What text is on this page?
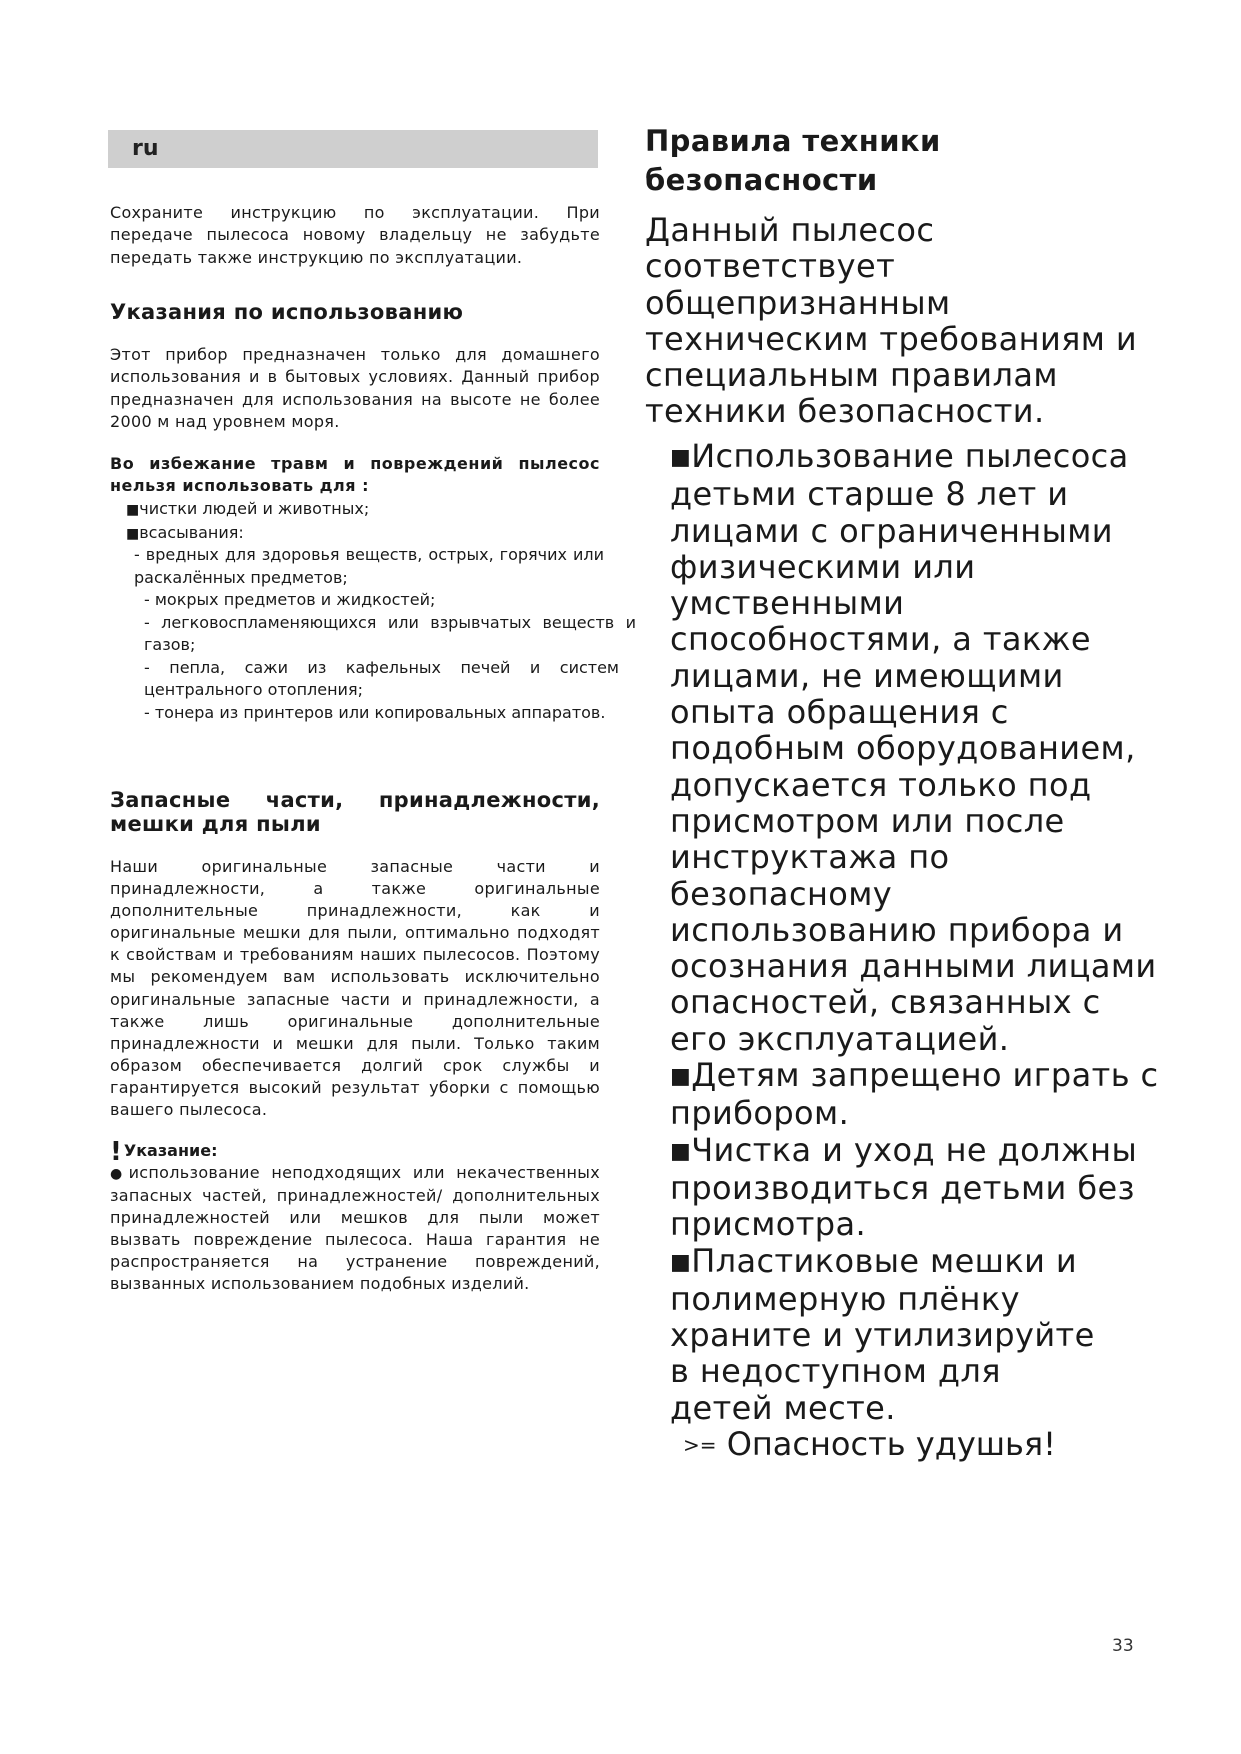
ru

Сохраните инструкцию по эксплуатации. При передаче пылесоса новому владельцу не забудьте передать также инструкцию по эксплуатации.

Указания по использованию

Этот прибор предназначен только для домашнего использования и в бытовых условиях. Данный прибор предназначен для использования на высоте не более 2000 м над уровнем моря.

Во избежание травм и повреждений пылесос нельзя использовать для :

■чистки людей и животных;

■всасывания:

- вредных для здоровья веществ, острых, горячих или раскалённых предметов;

- мокрых предметов и жидкостей;

- легковоспламеняющихся или взрывчатых веществ и газов;

- пепла, сажи из кафельных печей и систем центрального отопления;

- тонера из принтеров или копировальных аппаратов.

Запасные части, принадлежности, мешки для пыли

Наши оригинальные запасные части и принадлежности, а также оригинальные дополнительные принадлежности, как и оригинальные мешки для пыли, оптимально подходят к свойствам и требованиям наших пылесосов. Поэтому мы рекомендуем вам использовать исключительно оригинальные запасные части и принадлежности, а также лишь оригинальные дополнительные принадлежности и мешки для пыли. Только таким образом обеспечивается долгий срок службы и гарантируется высокий результат уборки с помощью вашего пылесоса.

! Указание:

●использование неподходящих или некачественных запасных частей, принадлежностей/ дополнительных принадлежностей или мешков для пыли может вызвать повреждение пылесоса. Наша гарантия не распространяется на устранение повреждений, вызванных использованием подобных изделий.

Правила техники безопасности

Данный пылесос соответствует общепризнанным техническим требованиям и специальным правилам техники безопасности.

■Использование пылесоса детьми старше 8 лет и лицами с ограниченными физическими или умственными способностями, а также лицами, не имеющими опыта обращения с подобным оборудованием, допускается только под присмотром или после инструктажа по безопасному использованию прибора и осознания данными лицами опасностей, связанных с его эксплуатацией.

■Детям запрещено играть с прибором.

■Чистка и уход не должны производиться детьми без присмотра.

■Пластиковые мешки и полимерную плёнку храните и утилизируйте в недоступном для детей месте.

>= Опасность удушья!

33
